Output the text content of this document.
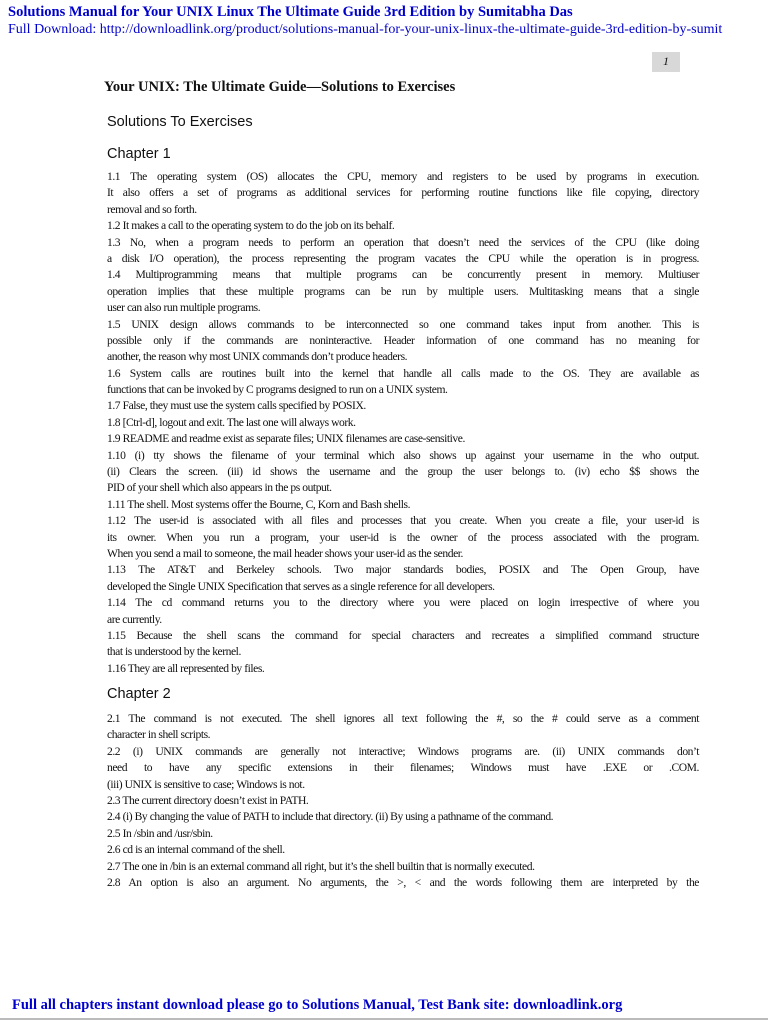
Solutions Manual for Your UNIX Linux The Ultimate Guide 3rd Edition by Sumitabha Das
Full Download: http://downloadlink.org/product/solutions-manual-for-your-unix-linux-the-ultimate-guide-3rd-edition-by-sumit
1
Your UNIX: The Ultimate Guide—Solutions to Exercises
Solutions To Exercises
Chapter 1
1.1 The operating system (OS) allocates the CPU, memory and registers to be used by programs in execution.
It also offers a set of programs as additional services for performing routine functions like file copying, directory
removal and so forth.
1.2 It makes a call to the operating system to do the job on its behalf.
1.3 No, when a program needs to perform an operation that doesn’t need the services of the CPU (like doing
a disk I/O operation), the process representing the program vacates the CPU while the operation is in progress.
1.4 Multiprogramming means that multiple programs can be concurrently present in memory. Multiuser
operation implies that these multiple programs can be run by multiple users. Multitasking means that a single
user can also run multiple programs.
1.5 UNIX design allows commands to be interconnected so one command takes input from another. This is
possible only if the commands are noninteractive. Header information of one command has no meaning for
another, the reason why most UNIX commands don’t produce headers.
1.6 System calls are routines built into the kernel that handle all calls made to the OS. They are available as
functions that can be invoked by C programs designed to run on a UNIX system.
1.7 False, they must use the system calls specified by POSIX.
1.8 [Ctrl-d], logout and exit. The last one will always work.
1.9 README and readme exist as separate files; UNIX filenames are case-sensitive.
1.10 (i) tty shows the filename of your terminal which also shows up against your username in the who output.
(ii) Clears the screen. (iii) id shows the username and the group the user belongs to. (iv) echo $$ shows the
PID of your shell which also appears in the ps output.
1.11 The shell. Most systems offer the Bourne, C, Korn and Bash shells.
1.12 The user-id is associated with all files and processes that you create. When you create a file, your user-id is
its owner. When you run a program, your user-id is the owner of the process associated with the program.
When you send a mail to someone, the mail header shows your user-id as the sender.
1.13 The AT&T and Berkeley schools. Two major standards bodies, POSIX and The Open Group, have
developed the Single UNIX Specification that serves as a single reference for all developers.
1.14 The cd command returns you to the directory where you were placed on login irrespective of where you
are currently.
1.15 Because the shell scans the command for special characters and recreates a simplified command structure
that is understood by the kernel.
1.16 They are all represented by files.
Chapter 2
2.1 The command is not executed. The shell ignores all text following the #, so the # could serve as a comment
character in shell scripts.
2.2 (i) UNIX commands are generally not interactive; Windows programs are. (ii) UNIX commands don’t
need to have any specific extensions in their filenames; Windows must have .EXE or .COM.
(iii) UNIX is sensitive to case; Windows is not.
2.3 The current directory doesn’t exist in PATH.
2.4 (i) By changing the value of PATH to include that directory. (ii) By using a pathname of the command.
2.5 In /sbin and /usr/sbin.
2.6 cd is an internal command of the shell.
2.7 The one in /bin is an external command all right, but it’s the shell builtin that is normally executed.
2.8 An option is also an argument. No arguments, the >, < and the words following them are interpreted by the
Full all chapters instant download please go to Solutions Manual, Test Bank site: downloadlink.org
